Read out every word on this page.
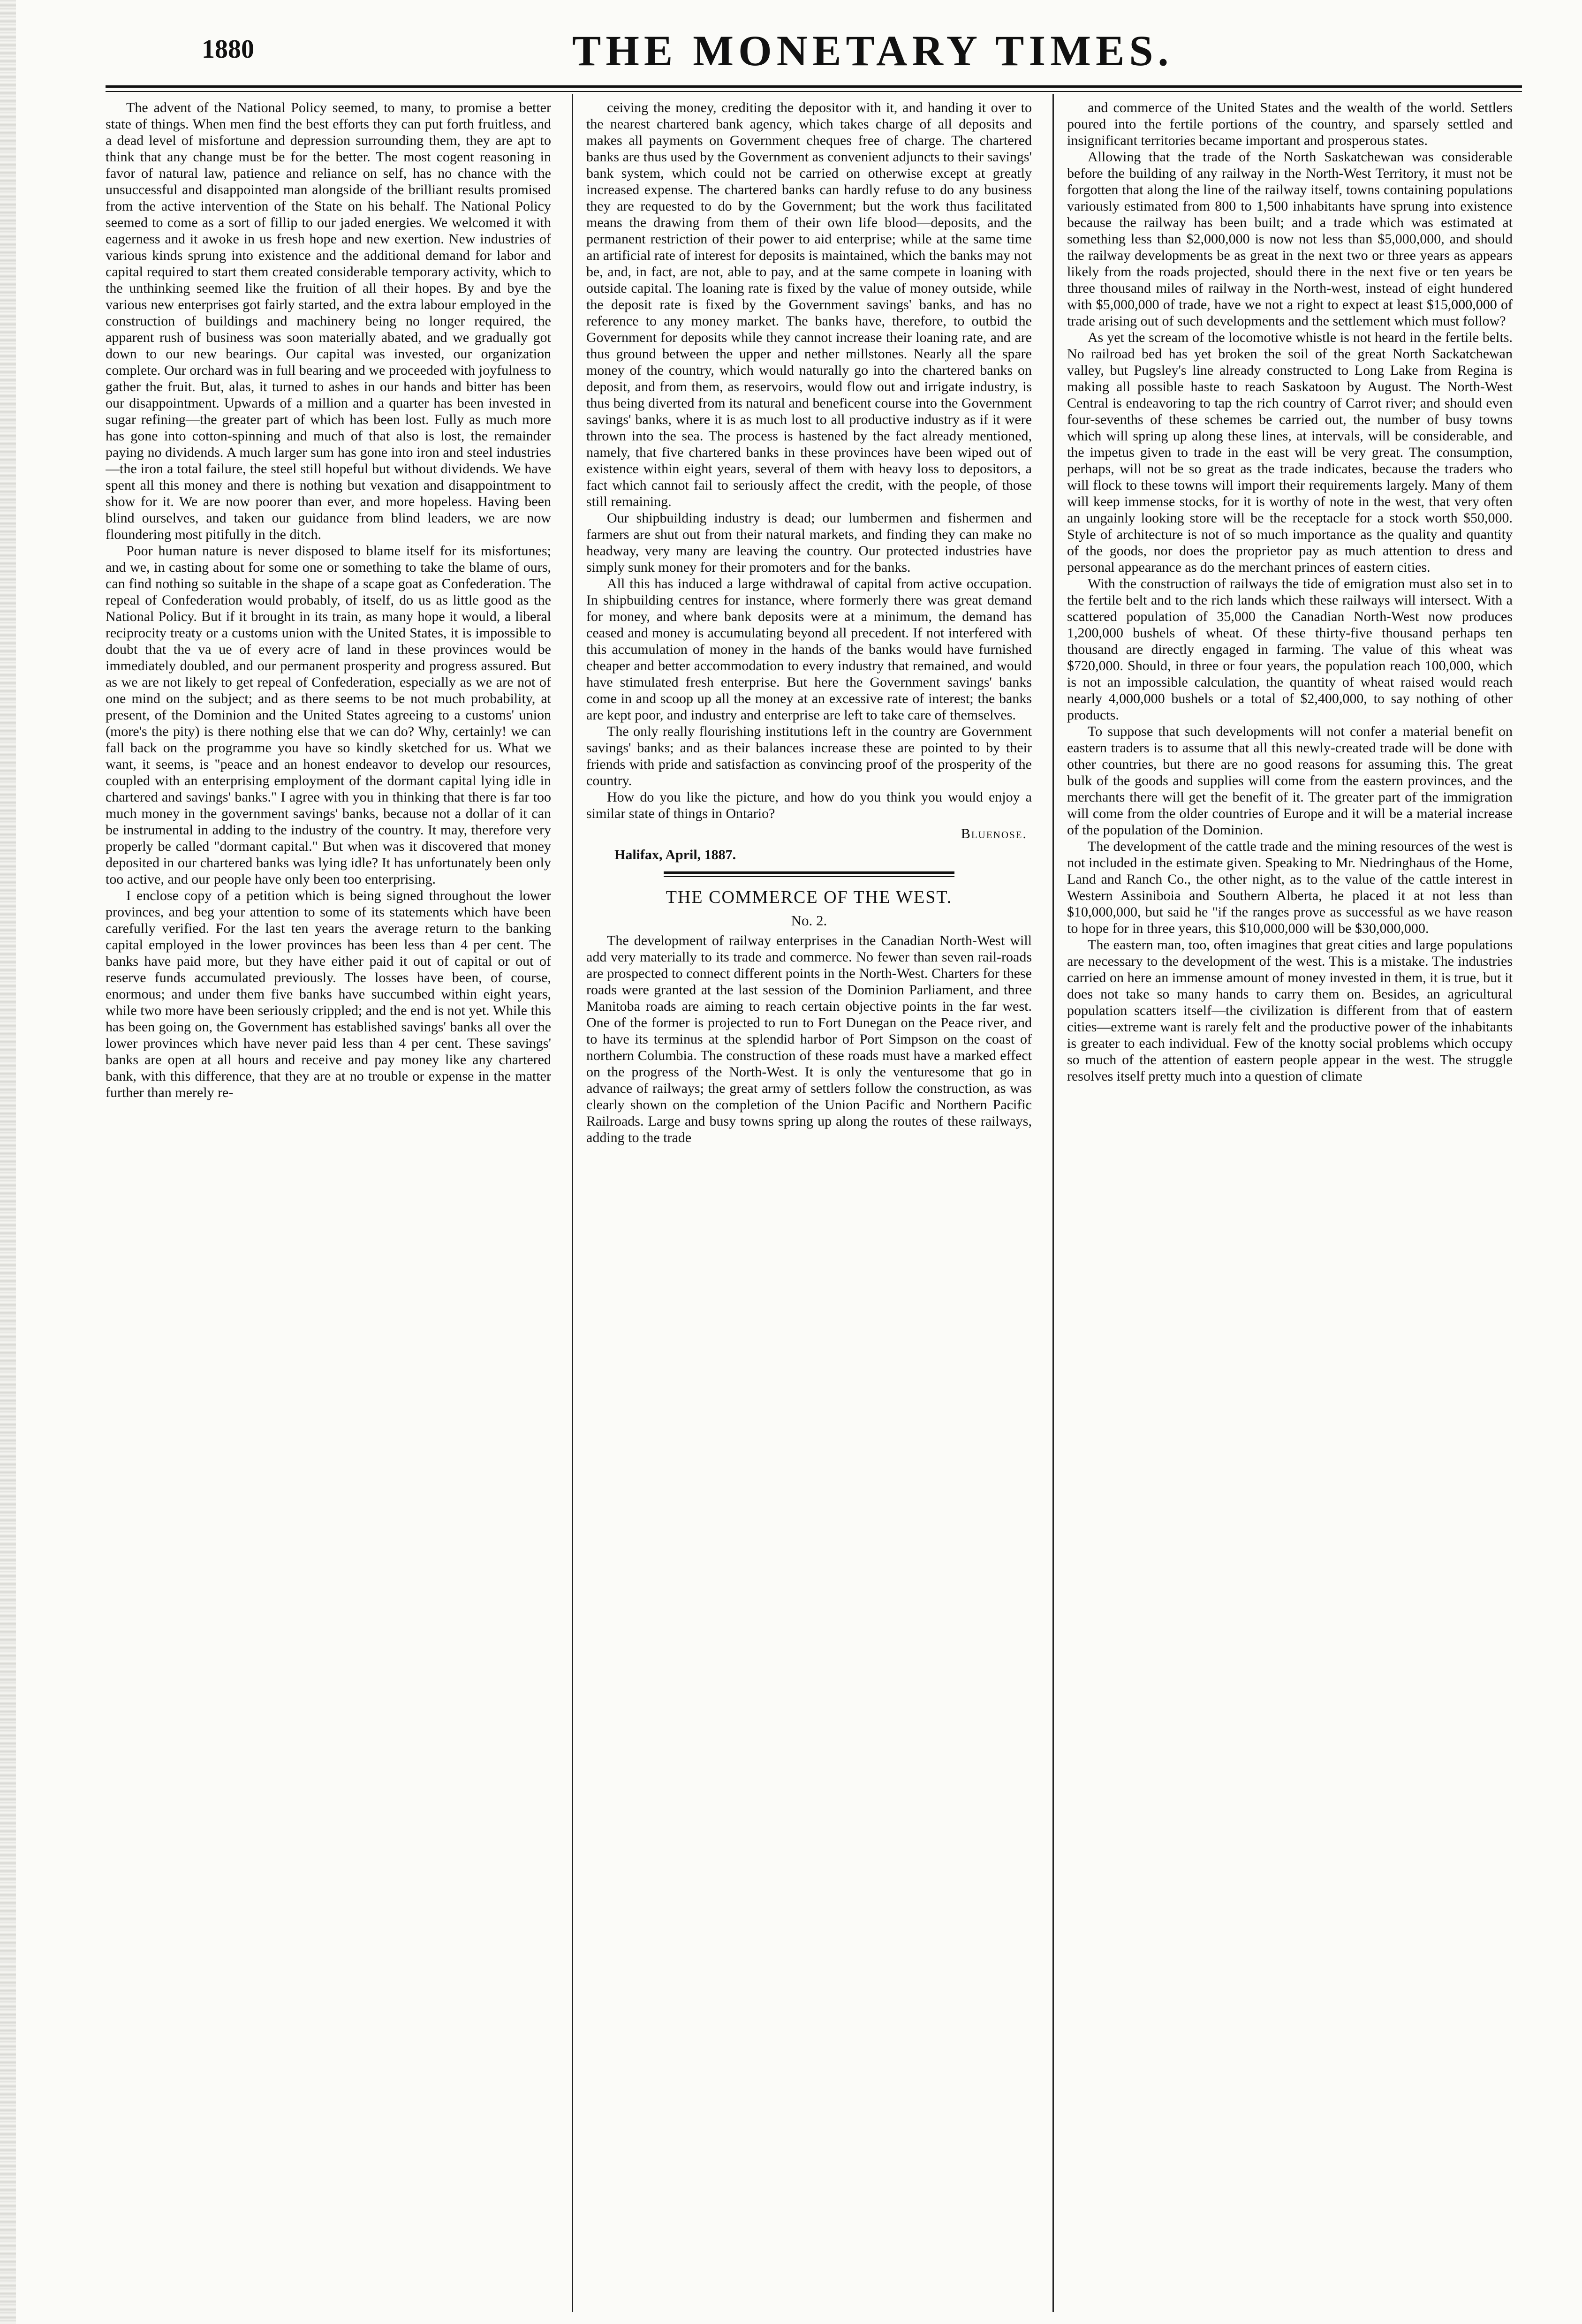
1880	THE MONETARY TIMES.

The advent of the National Policy seemed, to many, to promise a better state of things. When men find the best efforts they can put forth fruitless, and a dead level of misfortune and depression surrounding them, they are apt to think that any change must be for the better. The most cogent reasoning in favor of natural law, patience and reliance on self, has no chance with the unsuccessful and disappointed man alongside of the brilliant results promised from the active intervention of the State on his behalf. The National Policy seemed to come as a sort of fillip to our jaded energies. We welcomed it with eagerness and it awoke in us fresh hope and new exertion. New industries of various kinds sprung into existence and the additional demand for labor and capital required to start them created considerable temporary activity, which to the unthinking seemed like the fruition of all their hopes. By and bye the various new enterprises got fairly started, and the extra labour employed in the construction of buildings and machinery being no longer required, the apparent rush of business was soon materially abated, and we gradually got down to our new bearings. Our capital was invested, our organization complete. Our orchard was in full bearing and we proceeded with joyfulness to gather the fruit. But, alas, it turned to ashes in our hands and bitter has been our disappointment. Upwards of a million and a quarter has been invested in sugar refining—the greater part of which has been lost. Fully as much more has gone into cotton-spinning and much of that also is lost, the remainder paying no dividends. A much larger sum has gone into iron and steel industries—the iron a total failure, the steel still hopeful but without dividends. We have spent all this money and there is nothing but vexation and disappointment to show for it. We are now poorer than ever, and more hopeless. Having been blind ourselves, and taken our guidance from blind leaders, we are now floundering most pitifully in the ditch.

Poor human nature is never disposed to blame itself for its misfortunes; and we, in casting about for some one or something to take the blame of ours, can find nothing so suitable in the shape of a scape goat as Confederation. The repeal of Confederation would probably, of itself, do us as little good as the National Policy. But if it brought in its train, as many hope it would, a liberal reciprocity treaty or a customs union with the United States, it is impossible to doubt that the va ue of every acre of land in these provinces would be immediately doubled, and our permanent prosperity and progress assured. But as we are not likely to get repeal of Confederation, especially as we are not of one mind on the subject; and as there seems to be not much probability, at present, of the Dominion and the United States agreeing to a customs' union (more's the pity) is there nothing else that we can do? Why, certainly! we can fall back on the programme you have so kindly sketched for us. What we want, it seems, is "peace and an honest endeavor to develop our resources, coupled with an enterprising employment of the dormant capital lying idle in chartered and savings' banks." I agree with you in thinking that there is far too much money in the government savings' banks, because not a dollar of it can be instrumental in adding to the industry of the country. It may, therefore very properly be called "dormant capital." But when was it discovered that money deposited in our chartered banks was lying idle? It has unfortunately been only too active, and our people have only been too enterprising.

I enclose copy of a petition which is being signed throughout the lower provinces, and beg your attention to some of its statements which have been carefully verified. For the last ten years the average return to the banking capital employed in the lower provinces has been less than 4 per cent. The banks have paid more, but they have either paid it out of capital or out of reserve funds accumulated previously. The losses have been, of course, enormous; and under them five banks have succumbed within eight years, while two more have been seriously crippled; and the end is not yet. While this has been going on, the Government has established savings' banks all over the lower provinces which have never paid less than 4 per cent. These savings' banks are open at all hours and receive and pay money like any chartered bank, with this difference, that they are at no trouble or expense in the matter further than merely re-

ceiving the money, crediting the depositor with it, and handing it over to the nearest chartered bank agency, which takes charge of all deposits and makes all payments on Government cheques free of charge. The chartered banks are thus used by the Government as convenient adjuncts to their savings' bank system, which could not be carried on otherwise except at greatly increased expense. The chartered banks can hardly refuse to do any business they are requested to do by the Government; but the work thus facilitated means the drawing from them of their own life blood—deposits, and the permanent restriction of their power to aid enterprise; while at the same time an artificial rate of interest for deposits is maintained, which the banks may not be, and, in fact, are not, able to pay, and at the same compete in loaning with outside capital. The loaning rate is fixed by the value of money outside, while the deposit rate is fixed by the Government savings' banks, and has no reference to any money market. The banks have, therefore, to outbid the Government for deposits while they cannot increase their loaning rate, and are thus ground between the upper and nether millstones. Nearly all the spare money of the country, which would naturally go into the chartered banks on deposit, and from them, as reservoirs, would flow out and irrigate industry, is thus being diverted from its natural and beneficent course into the Government savings' banks, where it is as much lost to all productive industry as if it were thrown into the sea. The process is hastened by the fact already mentioned, namely, that five chartered banks in these provinces have been wiped out of existence within eight years, several of them with heavy loss to depositors, a fact which cannot fail to seriously affect the credit, with the people, of those still remaining.

Our shipbuilding industry is dead; our lumbermen and fishermen and farmers are shut out from their natural markets, and finding they can make no headway, very many are leaving the country. Our protected industries have simply sunk money for their promoters and for the banks.

All this has induced a large withdrawal of capital from active occupation. In shipbuilding centres for instance, where formerly there was great demand for money, and where bank deposits were at a minimum, the demand has ceased and money is accumulating beyond all precedent. If not interfered with this accumulation of money in the hands of the banks would have furnished cheaper and better accommodation to every industry that remained, and would have stimulated fresh enterprise. But here the Government savings' banks come in and scoop up all the money at an excessive rate of interest; the banks are kept poor, and industry and enterprise are left to take care of themselves.

The only really flourishing institutions left in the country are Government savings' banks; and as their balances increase these are pointed to by their friends with pride and satisfaction as convincing proof of the prosperity of the country.

How do you like the picture, and how do you think you would enjoy a similar state of things in Ontario?

Bluenose.
Halifax, April, 1887.
THE COMMERCE OF THE WEST.
No. 2.

The development of railway enterprises in the Canadian North-West will add very materially to its trade and commerce. No fewer than seven rail-roads are prospected to connect different points in the North-West. Charters for these roads were granted at the last session of the Dominion Parliament, and three Manitoba roads are aiming to reach certain objective points in the far west. One of the former is projected to run to Fort Dunegan on the Peace river, and to have its terminus at the splendid harbor of Port Simpson on the coast of northern Columbia. The construction of these roads must have a marked effect on the progress of the North-West. It is only the venturesome that go in advance of railways; the great army of settlers follow the construction, as was clearly shown on the completion of the Union Pacific and Northern Pacific Railroads. Large and busy towns spring up along the routes of these railways, adding to the trade

and commerce of the United States and the wealth of the world. Settlers poured into the fertile portions of the country, and sparsely settled and insignificant territories became important and prosperous states.

Allowing that the trade of the North Saskatchewan was considerable before the building of any railway in the North-West Territory, it must not be forgotten that along the line of the railway itself, towns containing populations variously estimated from 800 to 1,500 inhabitants have sprung into existence because the railway has been built; and a trade which was estimated at something less than $2,000,000 is now not less than $5,000,000, and should the railway developments be as great in the next two or three years as appears likely from the roads projected, should there in the next five or ten years be three thousand miles of railway in the North-west, instead of eight hundered with $5,000,000 of trade, have we not a right to expect at least $15,000,000 of trade arising out of such developments and the settlement which must follow?

As yet the scream of the locomotive whistle is not heard in the fertile belts. No railroad bed has yet broken the soil of the great North Sackatchewan valley, but Pugsley's line already constructed to Long Lake from Regina is making all possible haste to reach Saskatoon by August. The North-West Central is endeavoring to tap the rich country of Carrot river; and should even four-sevenths of these schemes be carried out, the number of busy towns which will spring up along these lines, at intervals, will be considerable, and the impetus given to trade in the east will be very great. The consumption, perhaps, will not be so great as the trade indicates, because the traders who will flock to these towns will import their requirements largely. Many of them will keep immense stocks, for it is worthy of note in the west, that very often an ungainly looking store will be the receptacle for a stock worth $50,000. Style of architecture is not of so much importance as the quality and quantity of the goods, nor does the proprietor pay as much attention to dress and personal appearance as do the merchant princes of eastern cities.

With the construction of railways the tide of emigration must also set in to the fertile belt and to the rich lands which these railways will intersect. With a scattered population of 35,000 the Canadian North-West now produces 1,200,000 bushels of wheat. Of these thirty-five thousand perhaps ten thousand are directly engaged in farming. The value of this wheat was $720,000. Should, in three or four years, the population reach 100,000, which is not an impossible calculation, the quantity of wheat raised would reach nearly 4,000,000 bushels or a total of $2,400,000, to say nothing of other products.

To suppose that such developments will not confer a material benefit on eastern traders is to assume that all this newly-created trade will be done with other countries, but there are no good reasons for assuming this. The great bulk of the goods and supplies will come from the eastern provinces, and the merchants there will get the benefit of it. The greater part of the immigration will come from the older countries of Europe and it will be a material increase of the population of the Dominion.

The development of the cattle trade and the mining resources of the west is not included in the estimate given. Speaking to Mr. Niedringhaus of the Home, Land and Ranch Co., the other night, as to the value of the cattle interest in Western Assiniboia and Southern Alberta, he placed it at not less than $10,000,000, but said he "if the ranges prove as successful as we have reason to hope for in three years, this $10,000,000 will be $30,000,000.

The eastern man, too, often imagines that great cities and large populations are necessary to the development of the west. This is a mistake. The industries carried on here an immense amount of money invested in them, it is true, but it does not take so many hands to carry them on. Besides, an agricultural population scatters itself—the civilization is different from that of eastern cities—extreme want is rarely felt and the productive power of the inhabitants is greater to each individual. Few of the knotty social problems which occupy so much of the attention of eastern people appear in the west. The struggle resolves itself pretty much into a question of climate
